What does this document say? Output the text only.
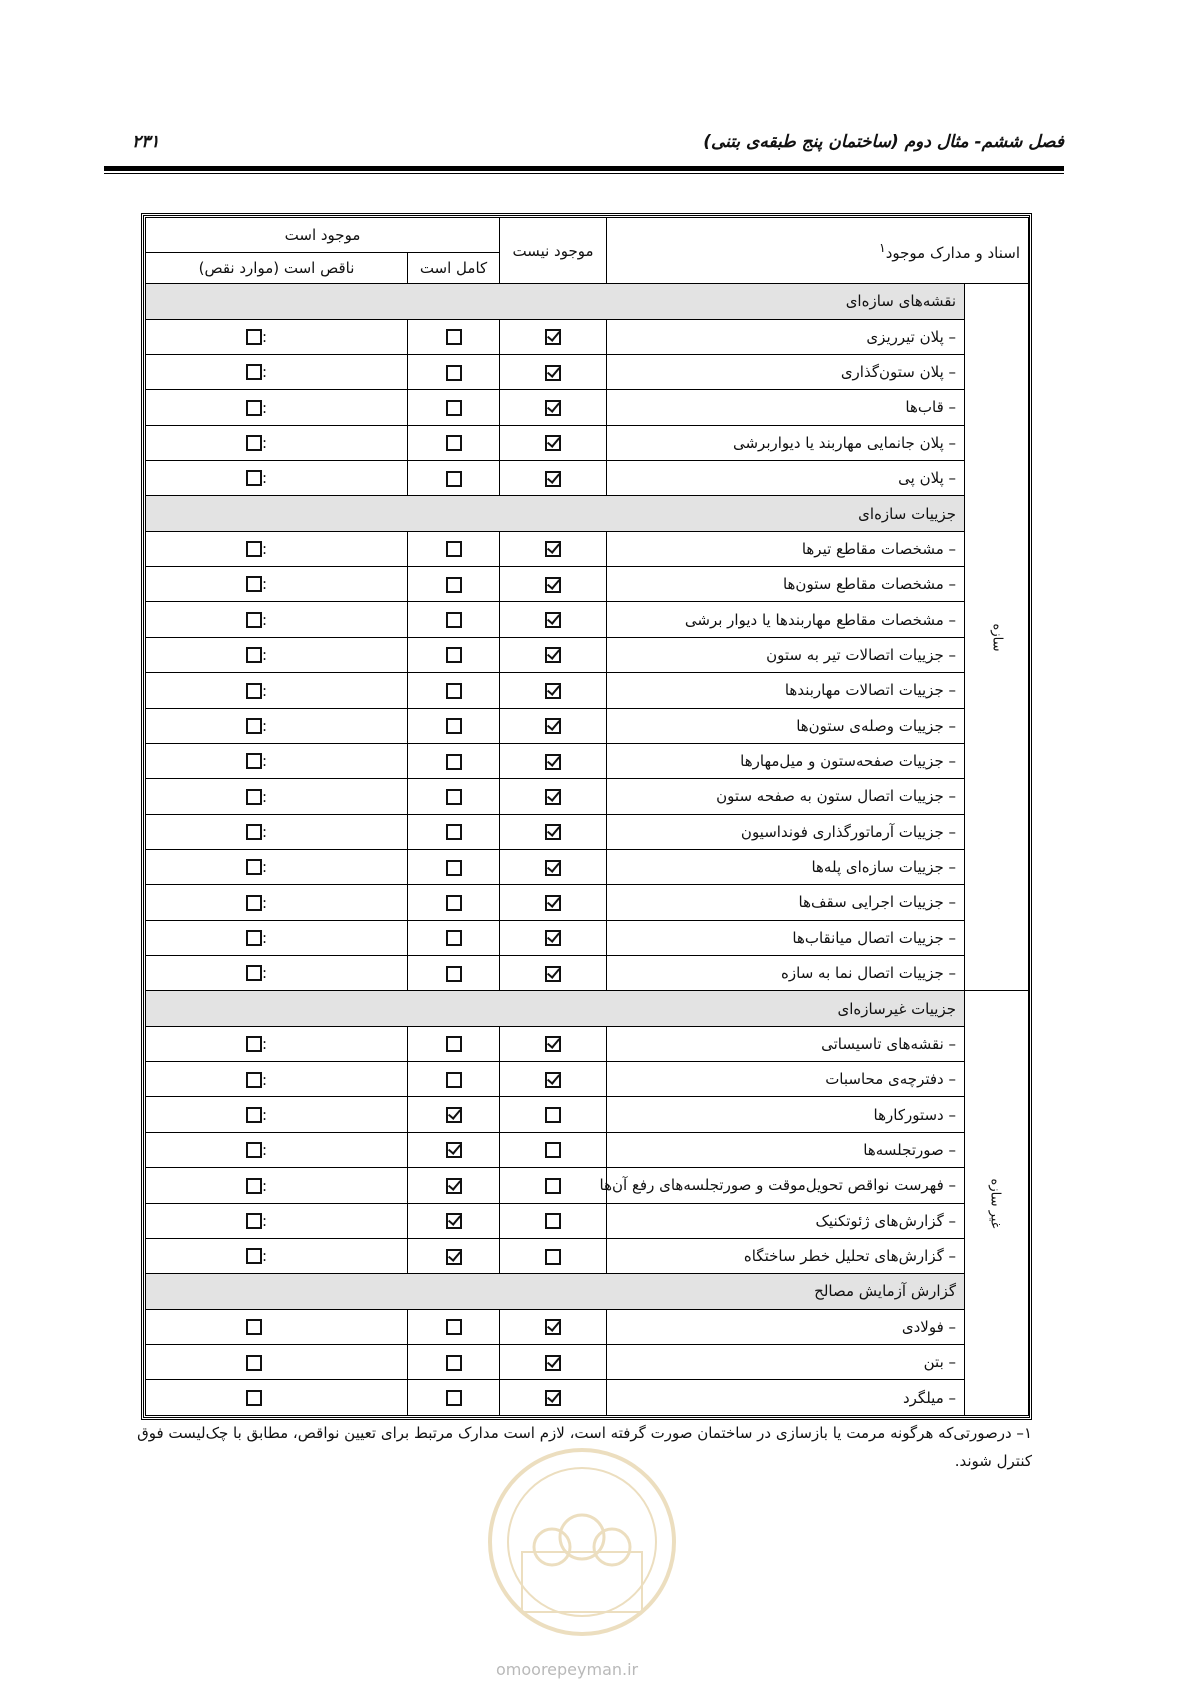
فصل ششم- مثال دوم (ساختمان پنج طبقه‌ی بتنی)
۲۳۱
اسناد و مدارک موجود$^۱$		موجود نیست	موجود است	
			کامل است	ناقص است (موارد نقص)
سازه	نقشه‌های سازه‌ای			
	– پلان تیرریزی			:
	– پلان ستون‌گذاری			:
	– قاب‌ها			:
	– پلان جانمایی مهاربند یا دیواربرشی			:
	– پلان پی			:
	جزییات سازه‌ای			
	– مشخصات مقاطع تیرها			:
	– مشخصات مقاطع ستون‌ها			:
	– مشخصات مقاطع مهاربندها یا دیوار برشی			:
	– جزییات اتصالات تیر به ستون			:
	– جزییات اتصالات مهاربندها			:
	– جزییات وصله‌ی ستون‌ها			:
	– جزییات صفحه‌ستون و میل‌مهارها			:
	– جزییات اتصال ستون به صفحه ستون			:
	– جزییات آرماتورگذاری فونداسیون			:
	– جزییات سازه‌ای پله‌ها			:
	– جزییات اجرایی سقف‌ها			:
	– جزییات اتصال میانقاب‌ها			:
	– جزییات اتصال نما به سازه			:
غیر سازه	جزییات غیرسازه‌ای			
	– نقشه‌های تاسیساتی			:
	– دفترچه‌ی محاسبات			:
	– دستورکارها			:
	– صورتجلسه‌ها			:
	– فهرست نواقص تحویل‌موقت و صورتجلسه‌های رفع آن‌ها			:
	– گزارش‌های ژئوتکنیک			:
	– گزارش‌های تحلیل خطر ساختگاه			:
	گزارش آزمایش مصالح			
	– فولادی			
	– بتن			
	– میلگرد			
۱– درصورتی‌که هرگونه مرمت یا بازسازی در ساختمان صورت گرفته است، لازم است مدارک مرتبط برای تعیین نواقص، مطابق با چک‌لیست فوق کنترل شوند.
omoorepeyman.ir
